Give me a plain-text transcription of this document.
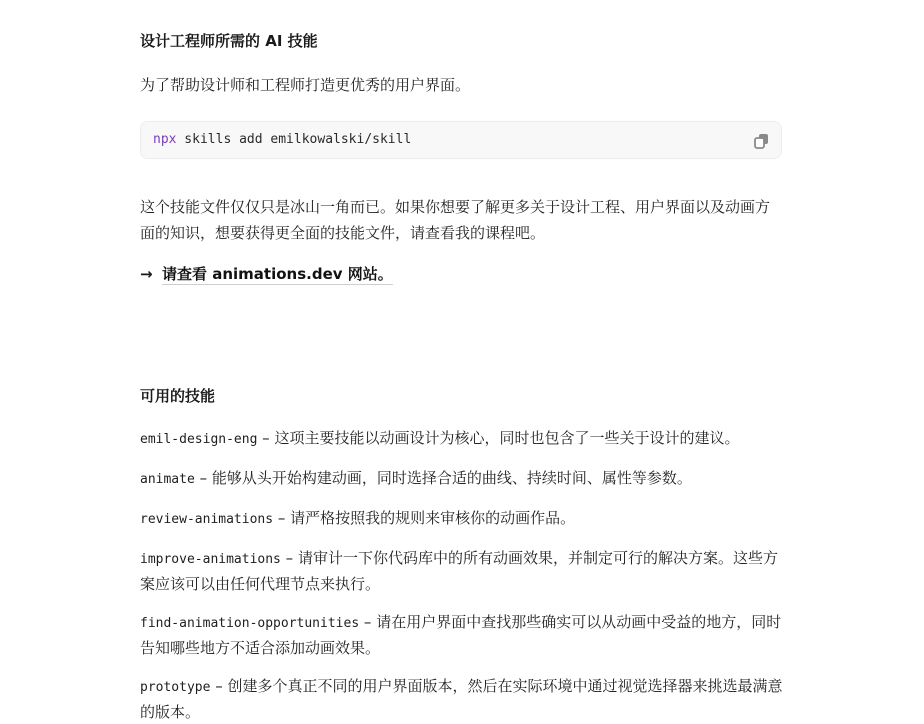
设计工程师所需的 AI 技能
为了帮助设计师和工程师打造更优秀的用户界面。
npx skills add emilkowalski/skill
这个技能文件仅仅只是冰山一角而已。如果你想要了解更多关于设计工程、用户界面以及动画方面的知识，想要获得更全面的技能文件，请查看我的课程吧。
→ 请查看 animations.dev 网站。
可用的技能
emil-design-eng – 这项主要技能以动画设计为核心，同时也包含了一些关于设计的建议。
animate – 能够从头开始构建动画，同时选择合适的曲线、持续时间、属性等参数。
review-animations – 请严格按照我的规则来审核你的动画作品。
improve-animations – 请审计一下你代码库中的所有动画效果，并制定可行的解决方案。这些方案应该可以由任何代理节点来执行。
find-animation-opportunities – 请在用户界面中查找那些确实可以从动画中受益的地方，同时告知哪些地方不适合添加动画效果。
prototype – 创建多个真正不同的用户界面版本，然后在实际环境中通过视觉选择器来挑选最满意的版本。
